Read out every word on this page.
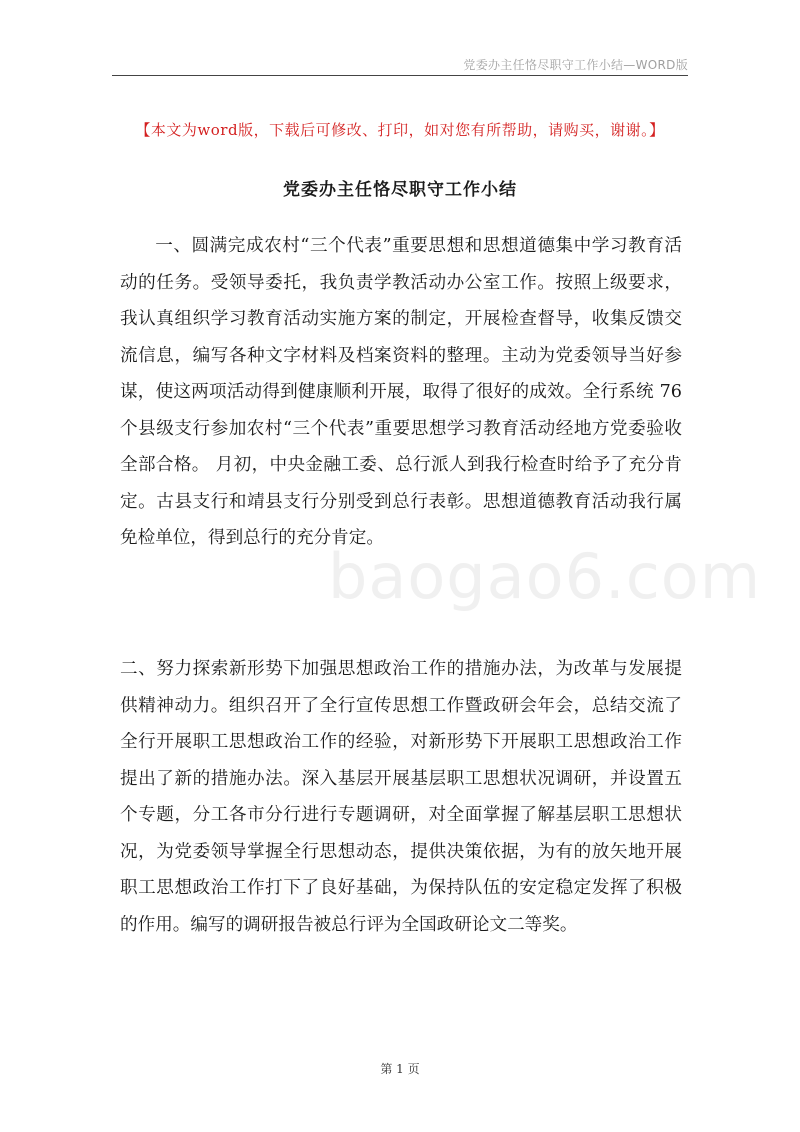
党委办主任恪尽职守工作小结—WORD版
【本文为word版，下载后可修改、打印，如对您有所帮助，请购买，谢谢。】
党委办主任恪尽职守工作小结

一、圆满完成农村“三个代表”重要思想和思想道德集中学习教育活动的任务。受领导委托，我负责学教活动办公室工作。按照上级要求，我认真组织学习教育活动实施方案的制定，开展检查督导，收集反馈交流信息，编写各种文字材料及档案资料的整理。主动为党委领导当好参谋，使这两项活动得到健康顺利开展，取得了很好的成效。全行系统 76 个县级支行参加农村“三个代表”重要思想学习教育活动经地方党委验收全部合格。 月初，中央金融工委、总行派人到我行检查时给予了充分肯定。古县支行和靖县支行分别受到总行表彰。思想道德教育活动我行属免检单位，得到总行的充分肯定。

二、努力探索新形势下加强思想政治工作的措施办法，为改革与发展提供精神动力。组织召开了全行宣传思想工作暨政研会年会，总结交流了全行开展职工思想政治工作的经验，对新形势下开展职工思想政治工作提出了新的措施办法。深入基层开展基层职工思想状况调研，并设置五个专题，分工各市分行进行专题调研，对全面掌握了解基层职工思想状况，为党委领导掌握全行思想动态，提供决策依据，为有的放矢地开展职工思想政治工作打下了良好基础，为保持队伍的安定稳定发挥了积极的作用。编写的调研报告被总行评为全国政研论文二等奖。

baogao6.com
第 1 页
